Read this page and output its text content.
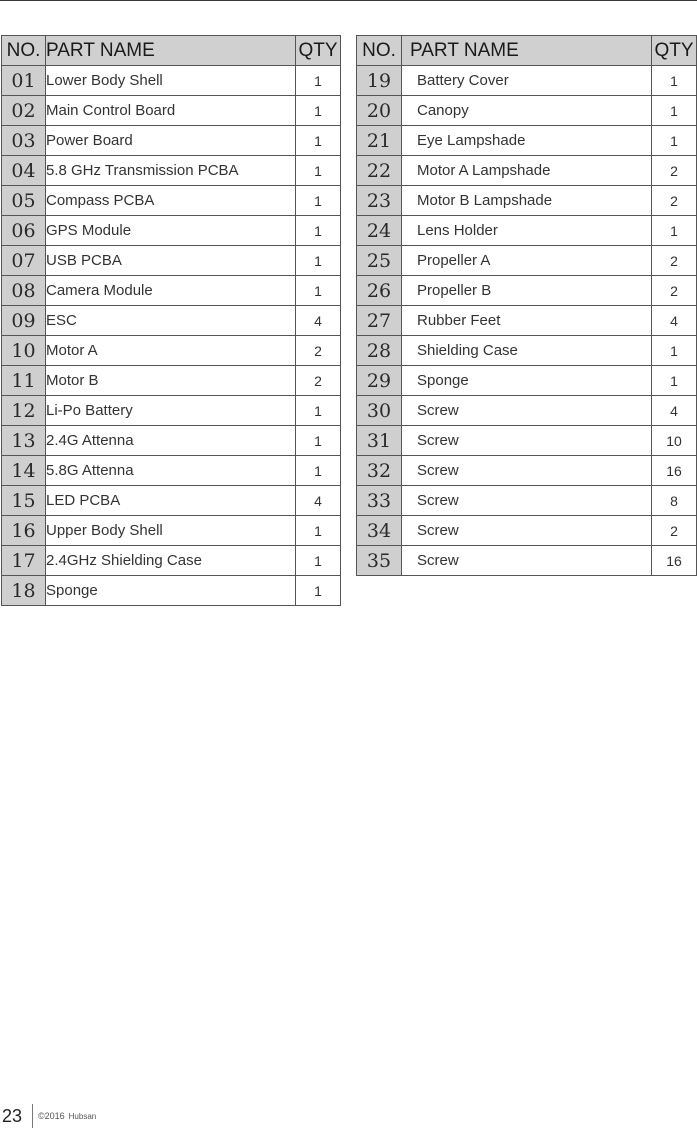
NO.	PART NAME	QTY
01	Lower Body Shell	1
02	Main Control Board	1
03	Power Board	1
04	5.8 GHz Transmission PCBA	1
05	Compass PCBA	1
06	GPS Module	1
07	USB PCBA	1
08	Camera Module	1
09	ESC	4
10	Motor A	2
11	Motor B	2
12	Li-Po Battery	1
13	2.4G Attenna	1
14	5.8G Attenna	1
15	LED PCBA	4
16	Upper Body Shell	1
17	2.4GHz Shielding Case	1
18	Sponge	1
NO.	PART NAME	QTY
19	Battery Cover	1
20	Canopy	1
21	Eye Lampshade	1
22	Motor A Lampshade	2
23	Motor B Lampshade	2
24	Lens Holder	1
25	Propeller A	2
26	Propeller B	2
27	Rubber Feet	4
28	Shielding Case	1
29	Sponge	1
30	Screw	4
31	Screw	10
32	Screw	16
33	Screw	8
34	Screw	2
35	Screw	16
23 ©2016 Hubsan
